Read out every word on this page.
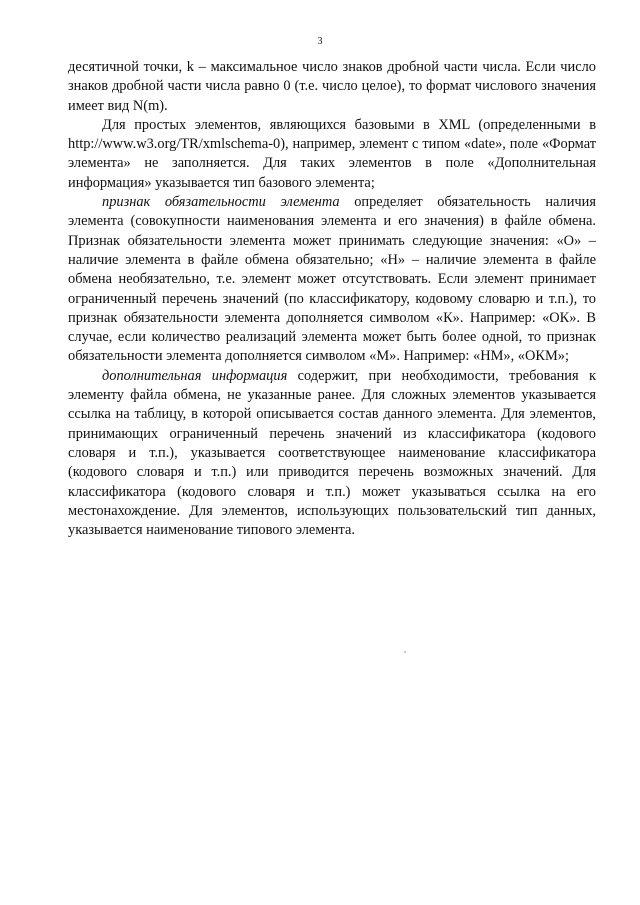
3

десятичной точки, k – максимальное число знаков дробной части числа. Если число знаков дробной части числа равно 0 (т.е. число целое), то формат числового значения имеет вид N(m).

Для простых элементов, являющихся базовыми в XML (определенными в http://www.w3.org/TR/xmlschema-0), например, элемент с типом «date», поле «Формат элемента» не заполняется. Для таких элементов в поле «Дополнительная информация» указывается тип базового элемента;

признак обязательности элемента определяет обязательность наличия элемента (совокупности наименования элемента и его значения) в файле обмена. Признак обязательности элемента может принимать следующие значения: «О» – наличие элемента в файле обмена обязательно; «Н» – наличие элемента в файле обмена необязательно, т.е. элемент может отсутствовать. Если элемент принимает ограниченный перечень значений (по классификатору, кодовому словарю и т.п.), то признак обязательности элемента дополняется символом «К». Например: «ОК». В случае, если количество реализаций элемента может быть более одной, то признак обязательности элемента дополняется символом «М». Например: «НМ», «ОКМ»;

дополнительная информация содержит, при необходимости, требования к элементу файла обмена, не указанные ранее. Для сложных элементов указывается ссылка на таблицу, в которой описывается состав данного элемента. Для элементов, принимающих ограниченный перечень значений из классификатора (кодового словаря и т.п.), указывается соответствующее наименование классификатора (кодового словаря и т.п.) или приводится перечень возможных значений. Для классификатора (кодового словаря и т.п.) может указываться ссылка на его местонахождение. Для элементов, использующих пользовательский тип данных, указывается наименование типового элемента.
